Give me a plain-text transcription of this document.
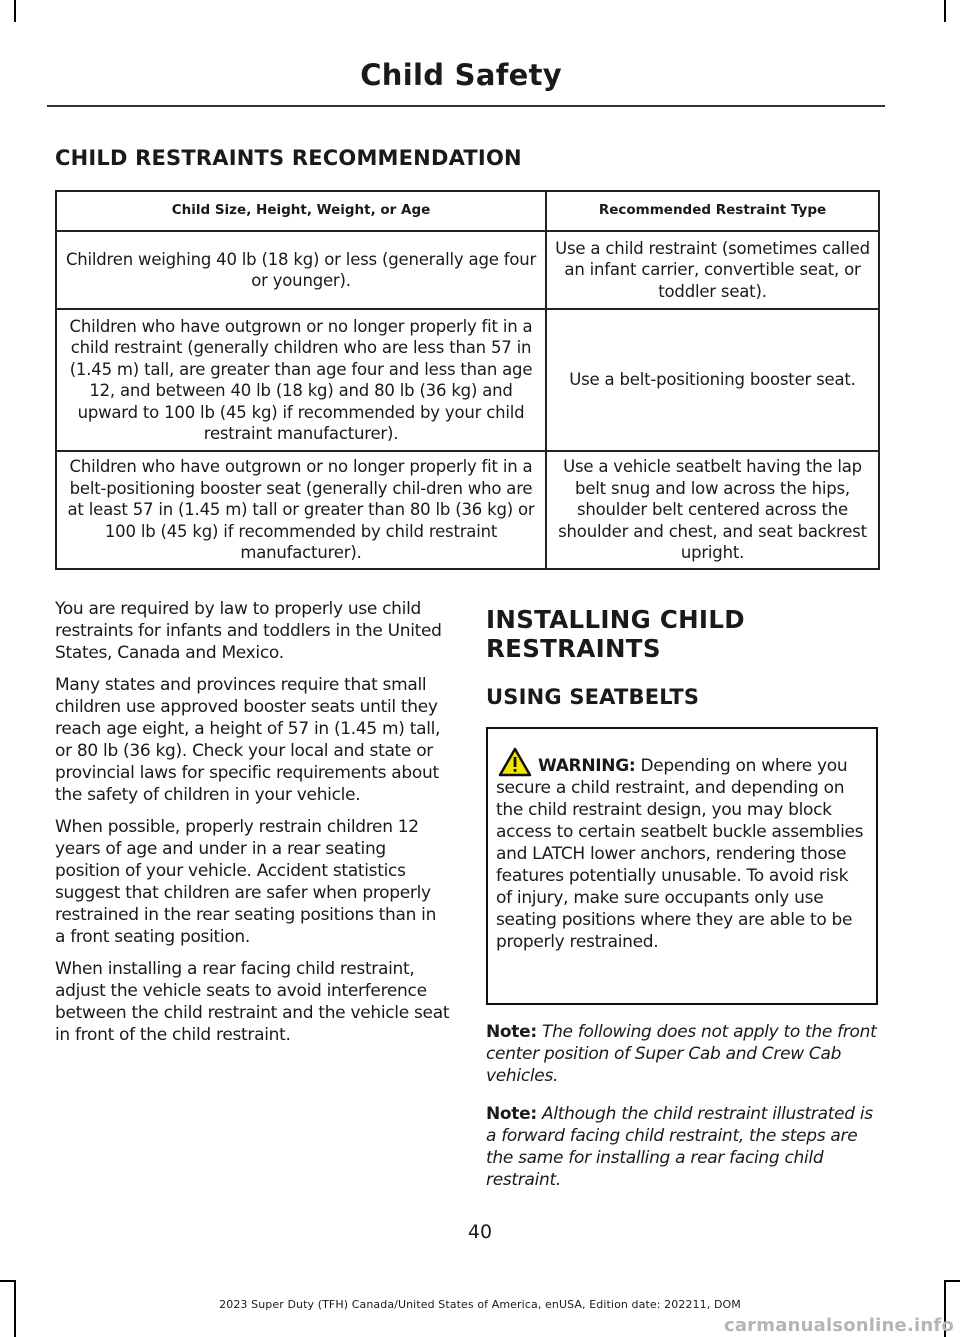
Child Safety
CHILD RESTRAINTS RECOMMENDATION
Child Size, Height, Weight, or Age	Recommended Restraint Type
Children weighing 40 lb (18 kg) or less (generally age four or younger).	Use a child restraint (sometimes called an infant carrier, convertible seat, or toddler seat).
Children who have outgrown or no longer properly fit in a child restraint (generally children who are less than 57 in (1.45 m) tall, are greater than age four and less than age 12, and between 40 lb (18 kg) and 80 lb (36 kg) and upward to 100 lb (45 kg) if recommended by your child restraint manufacturer).	Use a belt-positioning booster seat.
Children who have outgrown or no longer properly fit in a belt-positioning booster seat (generally chil-dren who are at least 57 in (1.45 m) tall or greater than 80 lb (36 kg) or 100 lb (45 kg) if recommended by child restraint manufacturer).	Use a vehicle seatbelt having the lap belt snug and low across the hips, shoulder belt centered across the shoulder and chest, and seat backrest upright.

You are required by law to properly use child restraints for infants and toddlers in the United States, Canada and Mexico.

Many states and provinces require that small children use approved booster seats until they reach age eight, a height of 57 in (1.45 m) tall, or 80 lb (36 kg). Check your local and state or provincial laws for specific requirements about the safety of children in your vehicle.

When possible, properly restrain children 12 years of age and under in a rear seating position of your vehicle. Accident statistics suggest that children are safer when properly restrained in the rear seating positions than in a front seating position.

When installing a rear facing child restraint, adjust the vehicle seats to avoid interference between the child restraint and the vehicle seat in front of the child restraint.

INSTALLING CHILD RESTRAINTS
USING SEATBELTS
WARNING: Depending on where you secure a child restraint, and depending on the child restraint design, you may block access to certain seatbelt buckle assemblies and LATCH lower anchors, rendering those features potentially unusable. To avoid risk of injury, make sure occupants only use seating positions where they are able to be properly restrained.
Note: The following does not apply to the front center position of Super Cab and Crew Cab vehicles.
Note: Although the child restraint illustrated is a forward facing child restraint, the steps are the same for installing a rear facing child restraint.
40
2023 Super Duty (TFH) Canada/United States of America, enUSA, Edition date: 202211, DOM
carmanualsonline.info
